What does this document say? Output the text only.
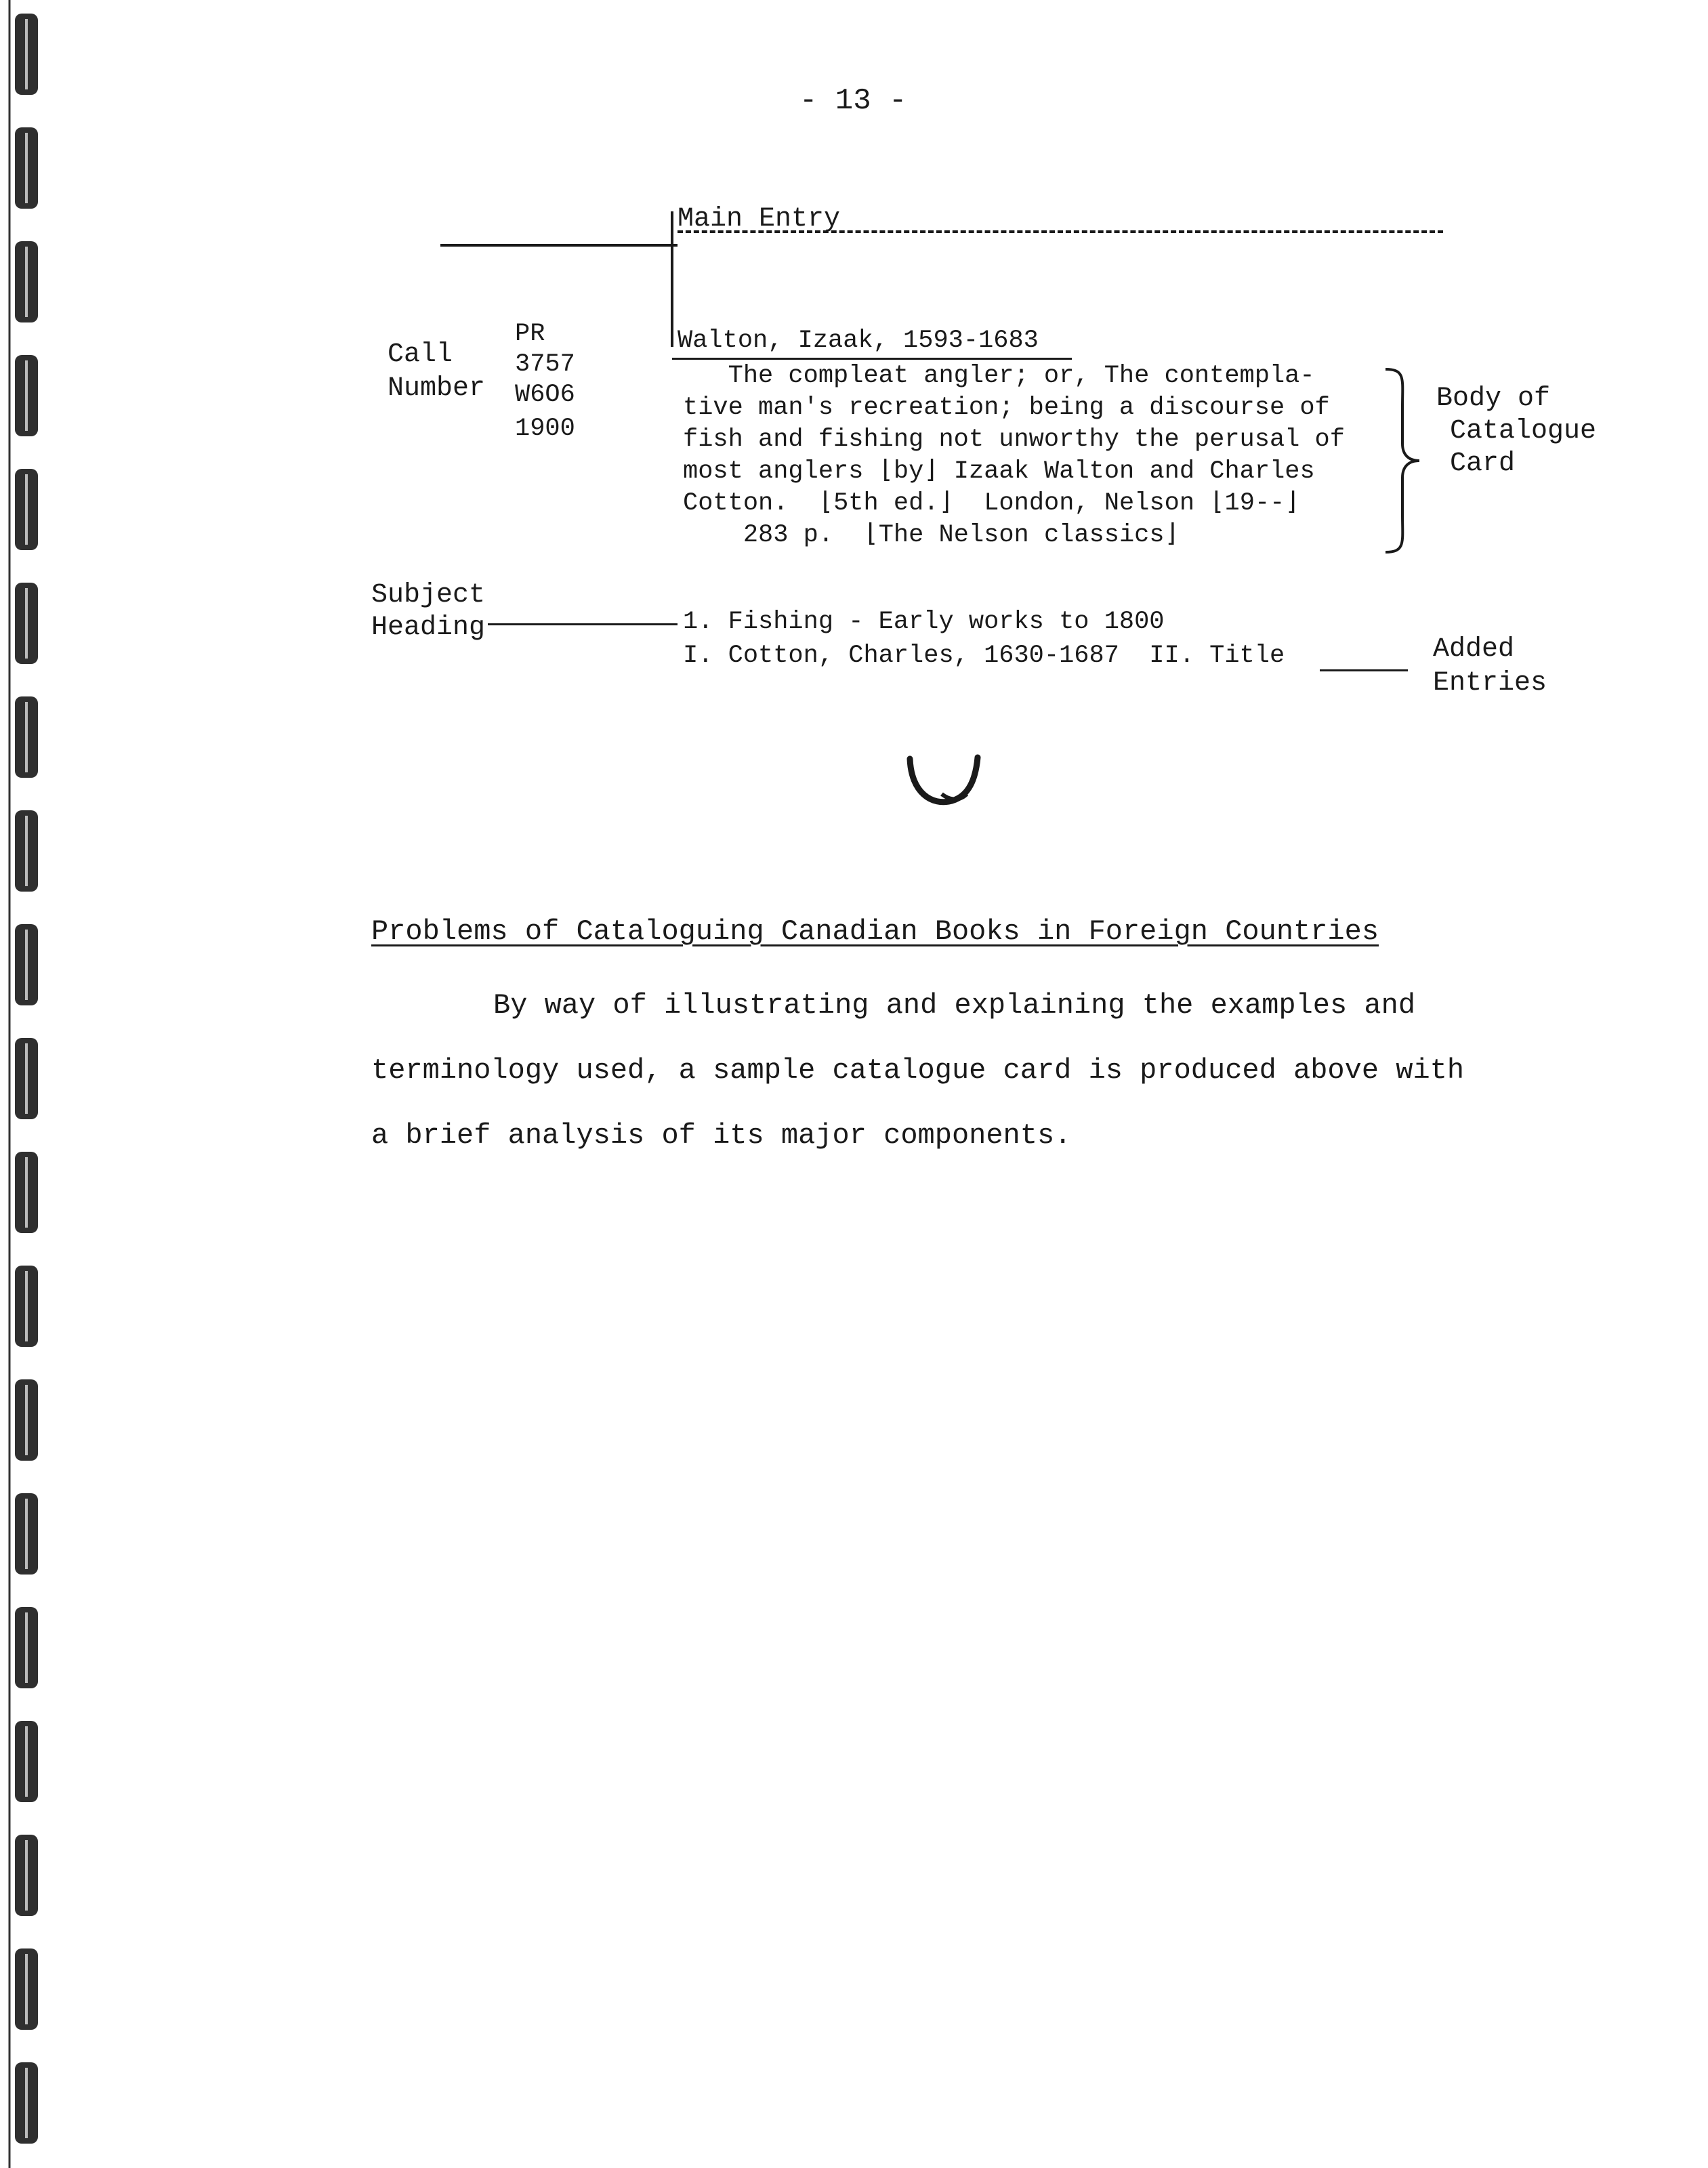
- 13 -
Main Entry
Call
Number
PR
3757
W6O6
1900
Walton, Izaak, 1593-1683
The compleat angler; or, The contempla-
tive man's recreation; being a discourse of
fish and fishing not unworthy the perusal of
most anglers ⌊by⌋ Izaak Walton and Charles
Cotton.  ⌊5th ed.⌋  London, Nelson ⌊19--⌋
283 p.  ⌊The Nelson classics⌋
Body of
Catalogue
Card
Subject
Heading	1. Fishing - Early works to 1800
I. Cotton, Charles, 1630-1687  II. Title	Added
Entries
Problems of Cataloguing Canadian Books in Foreign Countries
By way of illustrating and explaining the examples and
terminology used, a sample catalogue card is produced above with
a brief analysis of its major components.
